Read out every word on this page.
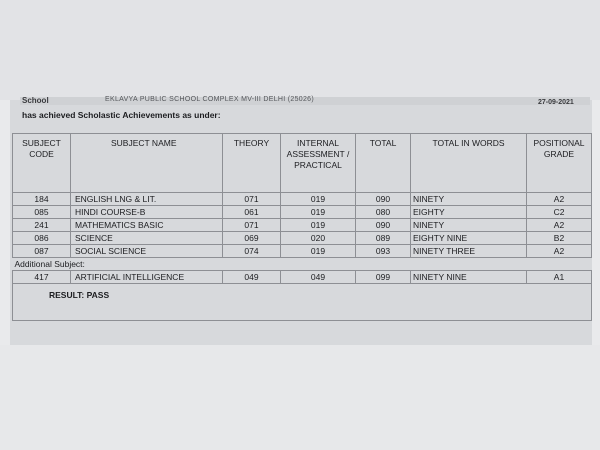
School	EKLAVYA PUBLIC SCHOOL COMPLEX MV-III DELHI (25026)	27-09-2021
has achieved Scholastic Achievements as under:
SUBJECT CODE	SUBJECT NAME	THEORY	INTERNAL ASSESSMENT / PRACTICAL	TOTAL	TOTAL IN WORDS	POSITIONAL GRADE
184	ENGLISH LNG & LIT.	071	019	090	NINETY	A2
085	HINDI COURSE-B	061	019	080	EIGHTY	C2
241	MATHEMATICS BASIC	071	019	090	NINETY	A2
086	SCIENCE	069	020	089	EIGHTY NINE	B2
087	SOCIAL SCIENCE	074	019	093	NINETY THREE	A2
Additional Subject:						
417	ARTIFICIAL INTELLIGENCE	049	049	099	NINETY NINE	A1
RESULT: PASS						
